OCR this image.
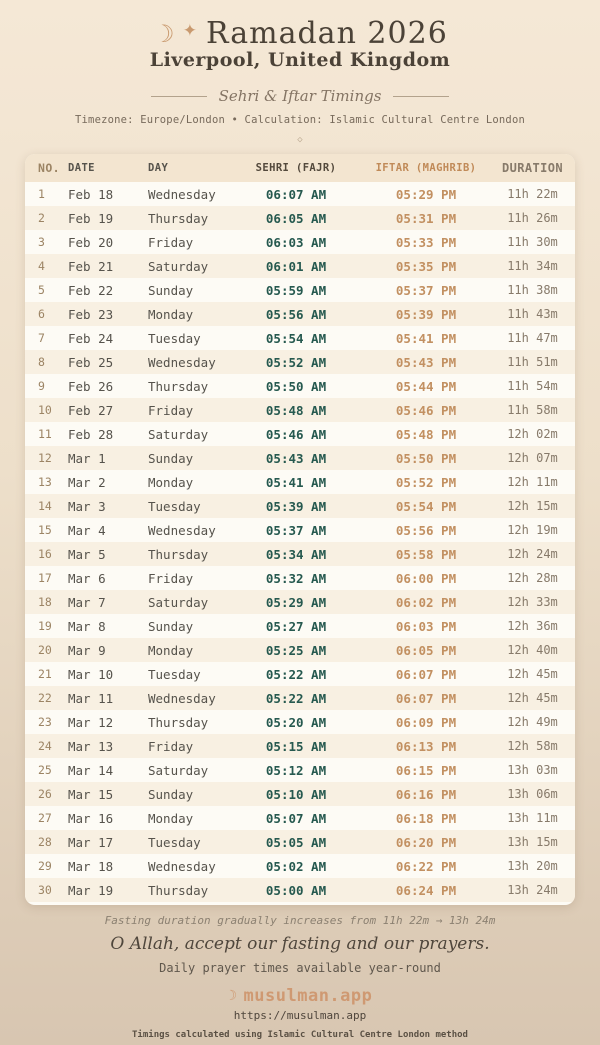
☾ ✦ Ramadan 2026
Liverpool, United Kingdom
Sehri & Iftar Timings
Timezone: Europe/London • Calculation: Islamic Cultural Centre London
◇
NO. DATE	DAY	SEHRI (FAJR)	IFTAR (MAGHRIB)	DURATION
1	Feb 18	Wednesday	06:07 AM	05:29 PM	11h 22m
2	Feb 19	Thursday	06:05 AM	05:31 PM	11h 26m
3	Feb 20	Friday	06:03 AM	05:33 PM	11h 30m
4	Feb 21	Saturday	06:01 AM	05:35 PM	11h 34m
5	Feb 22	Sunday	05:59 AM	05:37 PM	11h 38m
6	Feb 23	Monday	05:56 AM	05:39 PM	11h 43m
7	Feb 24	Tuesday	05:54 AM	05:41 PM	11h 47m
8	Feb 25	Wednesday	05:52 AM	05:43 PM	11h 51m
9	Feb 26	Thursday	05:50 AM	05:44 PM	11h 54m
10	Feb 27	Friday	05:48 AM	05:46 PM	11h 58m
11	Feb 28	Saturday	05:46 AM	05:48 PM	12h 02m
12	Mar 1	Sunday	05:43 AM	05:50 PM	12h 07m
13	Mar 2	Monday	05:41 AM	05:52 PM	12h 11m
14	Mar 3	Tuesday	05:39 AM	05:54 PM	12h 15m
15	Mar 4	Wednesday	05:37 AM	05:56 PM	12h 19m
16	Mar 5	Thursday	05:34 AM	05:58 PM	12h 24m
17	Mar 6	Friday	05:32 AM	06:00 PM	12h 28m
18	Mar 7	Saturday	05:29 AM	06:02 PM	12h 33m
19	Mar 8	Sunday	05:27 AM	06:03 PM	12h 36m
20	Mar 9	Monday	05:25 AM	06:05 PM	12h 40m
21	Mar 10	Tuesday	05:22 AM	06:07 PM	12h 45m
22	Mar 11	Wednesday	05:22 AM	06:07 PM	12h 45m
23	Mar 12	Thursday	05:20 AM	06:09 PM	12h 49m
24	Mar 13	Friday	05:15 AM	06:13 PM	12h 58m
25	Mar 14	Saturday	05:12 AM	06:15 PM	13h 03m
26	Mar 15	Sunday	05:10 AM	06:16 PM	13h 06m
27	Mar 16	Monday	05:07 AM	06:18 PM	13h 11m
28	Mar 17	Tuesday	05:05 AM	06:20 PM	13h 15m
29	Mar 18	Wednesday	05:02 AM	06:22 PM	13h 20m
30	Mar 19	Thursday	05:00 AM	06:24 PM	13h 24m
Fasting duration gradually increases from 11h 22m → 13h 24m
O Allah, accept our fasting and our prayers.
Daily prayer times available year-round
☾ musulman.app
https://musulman.app
Timings calculated using Islamic Cultural Centre London method
